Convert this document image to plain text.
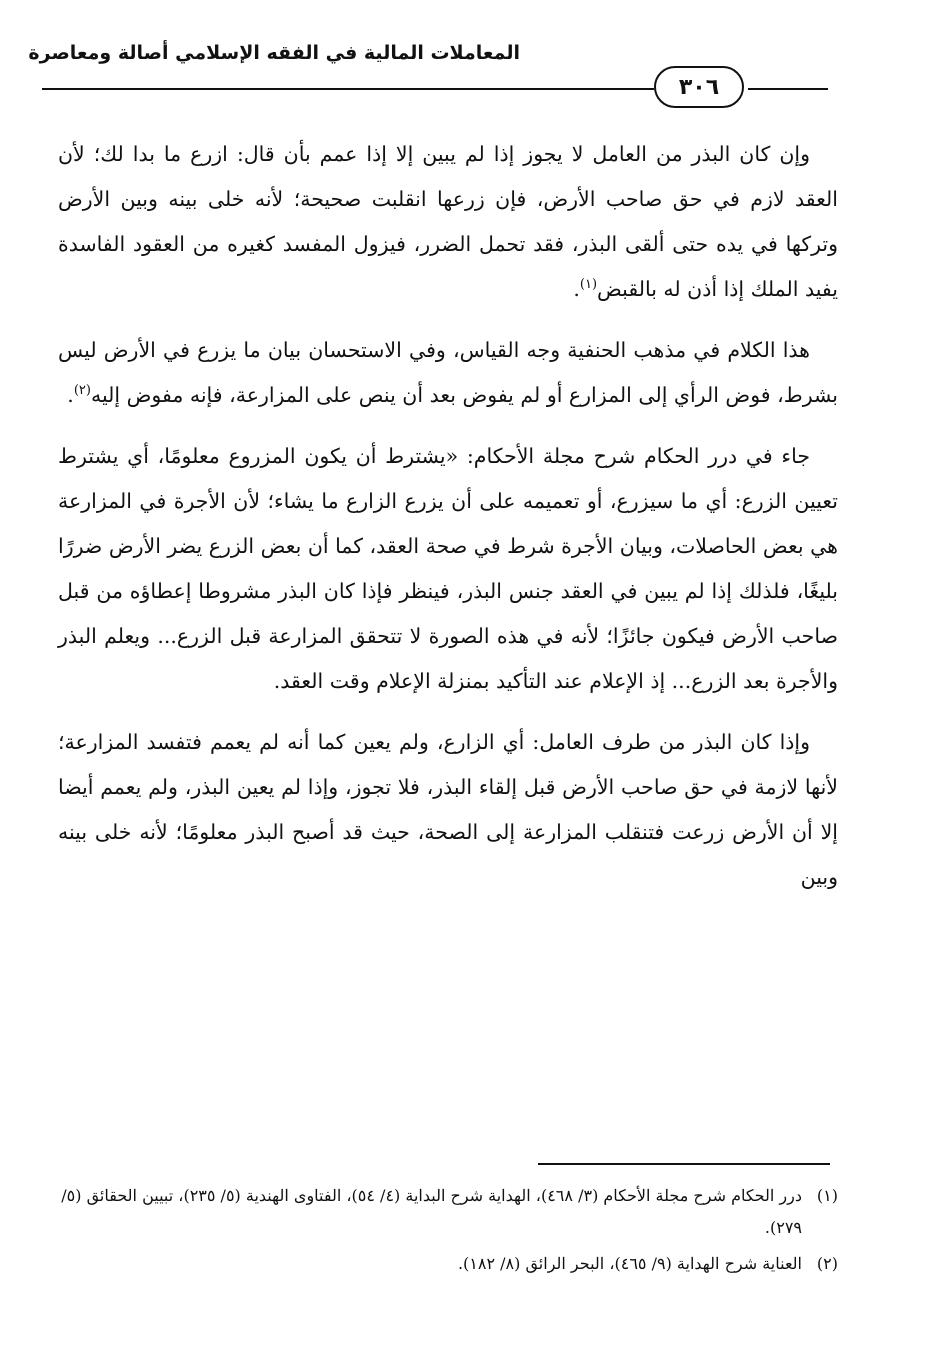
المعاملات المالية في الفقه الإسلامي أصالة ومعاصرة
٣٠٦

وإن كان البذر من العامل لا يجوز إذا لم يبين إلا إذا عمم بأن قال: ازرع ما بدا لك؛ لأن العقد لازم في حق صاحب الأرض، فإن زرعها انقلبت صحيحة؛ لأنه خلى بينه وبين الأرض وتركها في يده حتى ألقى البذر، فقد تحمل الضرر، فيزول المفسد كغيره من العقود الفاسدة يفيد الملك إذا أذن له بالقبض$^{(١)}$.

هذا الكلام في مذهب الحنفية وجه القياس، وفي الاستحسان بيان ما يزرع في الأرض ليس بشرط، فوض الرأي إلى المزارع أو لم يفوض بعد أن ينص على المزارعة، فإنه مفوض إليه$^{(٢)}$.

جاء في درر الحكام شرح مجلة الأحكام: «يشترط أن يكون المزروع معلومًا، أي يشترط تعيين الزرع: أي ما سيزرع، أو تعميمه على أن يزرع الزارع ما يشاء؛ لأن الأجرة في المزارعة هي بعض الحاصلات، وبيان الأجرة شرط في صحة العقد، كما أن بعض الزرع يضر الأرض ضررًا بليغًا، فلذلك إذا لم يبين في العقد جنس البذر، فينظر فإذا كان البذر مشروطا إعطاؤه من قبل صاحب الأرض فيكون جائزًا؛ لأنه في هذه الصورة لا تتحقق المزارعة قبل الزرع... ويعلم البذر والأجرة بعد الزرع... إذ الإعلام عند التأكيد بمنزلة الإعلام وقت العقد.

وإذا كان البذر من طرف العامل: أي الزارع، ولم يعين كما أنه لم يعمم فتفسد المزارعة؛ لأنها لازمة في حق صاحب الأرض قبل إلقاء البذر، فلا تجوز، وإذا لم يعين البذر، ولم يعمم أيضا إلا أن الأرض زرعت فتنقلب المزارعة إلى الصحة، حيث قد أصبح البذر معلومًا؛ لأنه خلى بينه وبين

(١)
درر الحكام شرح مجلة الأحكام (٣/ ٤٦٨)، الهداية شرح البداية (٤/ ٥٤)، الفتاوى الهندية (٥/ ٢٣٥)، تبيين الحقائق (٥/ ٢٧٩).

(٢)
العناية شرح الهداية (٩/ ٤٦٥)، البحر الرائق (٨/ ١٨٢).
